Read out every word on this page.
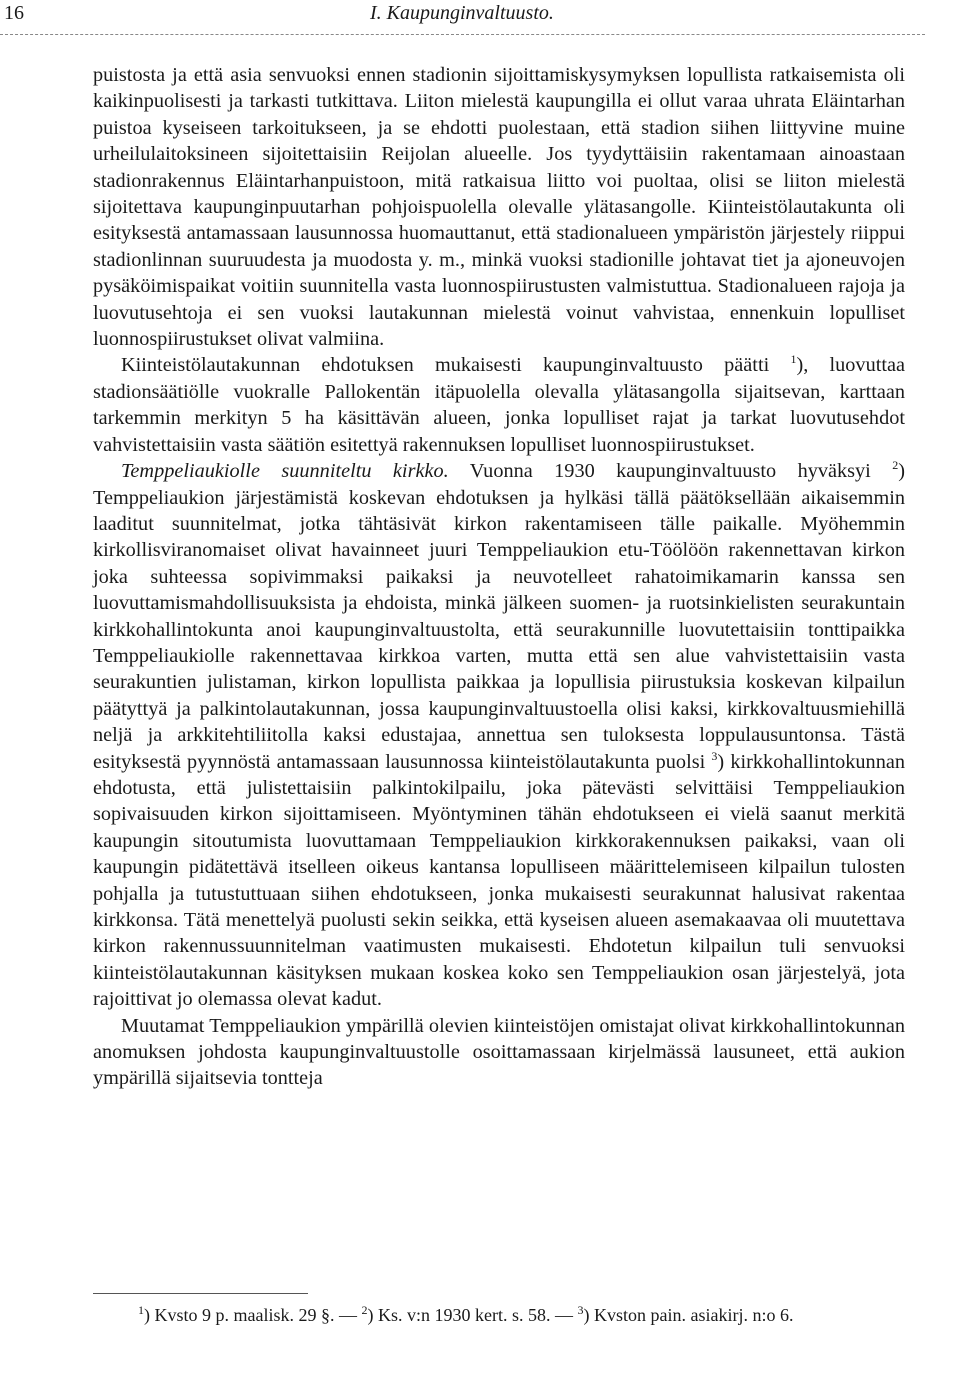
16	I. Kaupunginvaltuusto.

puistosta ja että asia senvuoksi ennen stadionin sijoittamiskysymyksen lopullista ratkaisemista oli kaikinpuolisesti ja tarkasti tutkittava. Liiton mielestä kaupungilla ei ollut varaa uhrata Eläintarhan puistoa kyseiseen tarkoitukseen, ja se ehdotti puolestaan, että stadion siihen liittyvine muine urheilulaitoksineen sijoitettaisiin Reijolan alueelle. Jos tyydyttäisiin rakentamaan ainoastaan stadionrakennus Eläintarhanpuistoon, mitä ratkaisua liitto voi puoltaa, olisi se liiton mielestä sijoitettava kaupunginpuutarhan pohjoispuolella olevalle ylätasangolle. Kiinteistölautakunta oli esityksestä antamassaan lausunnossa huomauttanut, että stadionalueen ympäristön järjestely riippui stadionlinnan suuruudesta ja muodosta y. m., minkä vuoksi stadionille johtavat tiet ja ajoneuvojen pysäköimispaikat voitiin suunnitella vasta luonnospiirustusten valmistuttua. Stadionalueen rajoja ja luovutusehtoja ei sen vuoksi lautakunnan mielestä voinut vahvistaa, ennenkuin lopulliset luonnospiirustukset olivat valmiina.

Kiinteistölautakunnan ehdotuksen mukaisesti kaupunginvaltuusto päätti $^1$), luovuttaa stadionsäätiölle vuokralle Pallokentän itäpuolella olevalla ylätasangolla sijaitsevan, karttaan tarkemmin merkityn 5 ha käsittävän alueen, jonka lopulliset rajat ja tarkat luovutusehdot vahvistettaisiin vasta säätiön esitettyä rakennuksen lopulliset luonnospiirustukset.

Temppeliaukiolle suunniteltu kirkko. Vuonna 1930 kaupunginvaltuusto hyväksyi $^2$) Temppeliaukion järjestämistä koskevan ehdotuksen ja hylkäsi tällä päätöksellään aikaisemmin laaditut suunnitelmat, jotka tähtäsivät kirkon rakentamiseen tälle paikalle. Myöhemmin kirkollisviranomaiset olivat havainneet juuri Temppeliaukion etu-Töölöön rakennettavan kirkon joka suhteessa sopivimmaksi paikaksi ja neuvotelleet rahatoimikamarin kanssa sen luovuttamismahdollisuuksista ja ehdoista, minkä jälkeen suomen- ja ruotsinkielisten seurakuntain kirkkohallintokunta anoi kaupunginvaltuustolta, että seurakunnille luovutettaisiin tonttipaikka Temppeliaukiolle rakennettavaa kirkkoa varten, mutta että sen alue vahvistettaisiin vasta seurakuntien julistaman, kirkon lopullista paikkaa ja lopullisia piirustuksia koskevan kilpailun päätyttyä ja palkintolautakunnan, jossa kaupunginvaltuustoella olisi kaksi, kirkkovaltuusmiehillä neljä ja arkkitehtiliitolla kaksi edustajaa, annettua sen tuloksesta loppulausuntonsa. Tästä esityksestä pyynnöstä antamassaan lausunnossa kiinteistölautakunta puolsi $^3$) kirkkohallintokunnan ehdotusta, että julistettaisiin palkintokilpailu, joka pätevästi selvittäisi Temppeliaukion sopivaisuuden kirkon sijoittamiseen. Myöntyminen tähän ehdotukseen ei vielä saanut merkitä kaupungin sitoutumista luovuttamaan Temppeliaukion kirkkorakennuksen paikaksi, vaan oli kaupungin pidätettävä itselleen oikeus kantansa lopulliseen määrittelemiseen kilpailun tulosten pohjalla ja tutustuttuaan siihen ehdotukseen, jonka mukaisesti seurakunnat halusivat rakentaa kirkkonsa. Tätä menettelyä puolusti sekin seikka, että kyseisen alueen asemakaavaa oli muutettava kirkon rakennussuunnitelman vaatimusten mukaisesti. Ehdotetun kilpailun tuli senvuoksi kiinteistölautakunnan käsityksen mukaan koskea koko sen Temppeliaukion osan järjestelyä, jota rajoittivat jo olemassa olevat kadut.

Muutamat Temppeliaukion ympärillä olevien kiinteistöjen omistajat olivat kirkkohallintokunnan anomuksen johdosta kaupunginvaltuustolle osoittamassaan kirjelmässä lausuneet, että aukion ympärillä sijaitsevia tontteja

$^1$) Kvsto 9 p. maalisk. 29 §. — $^2$) Ks. v:n 1930 kert. s. 58. — $^3$) Kvston pain. asiakirj. n:o 6.
